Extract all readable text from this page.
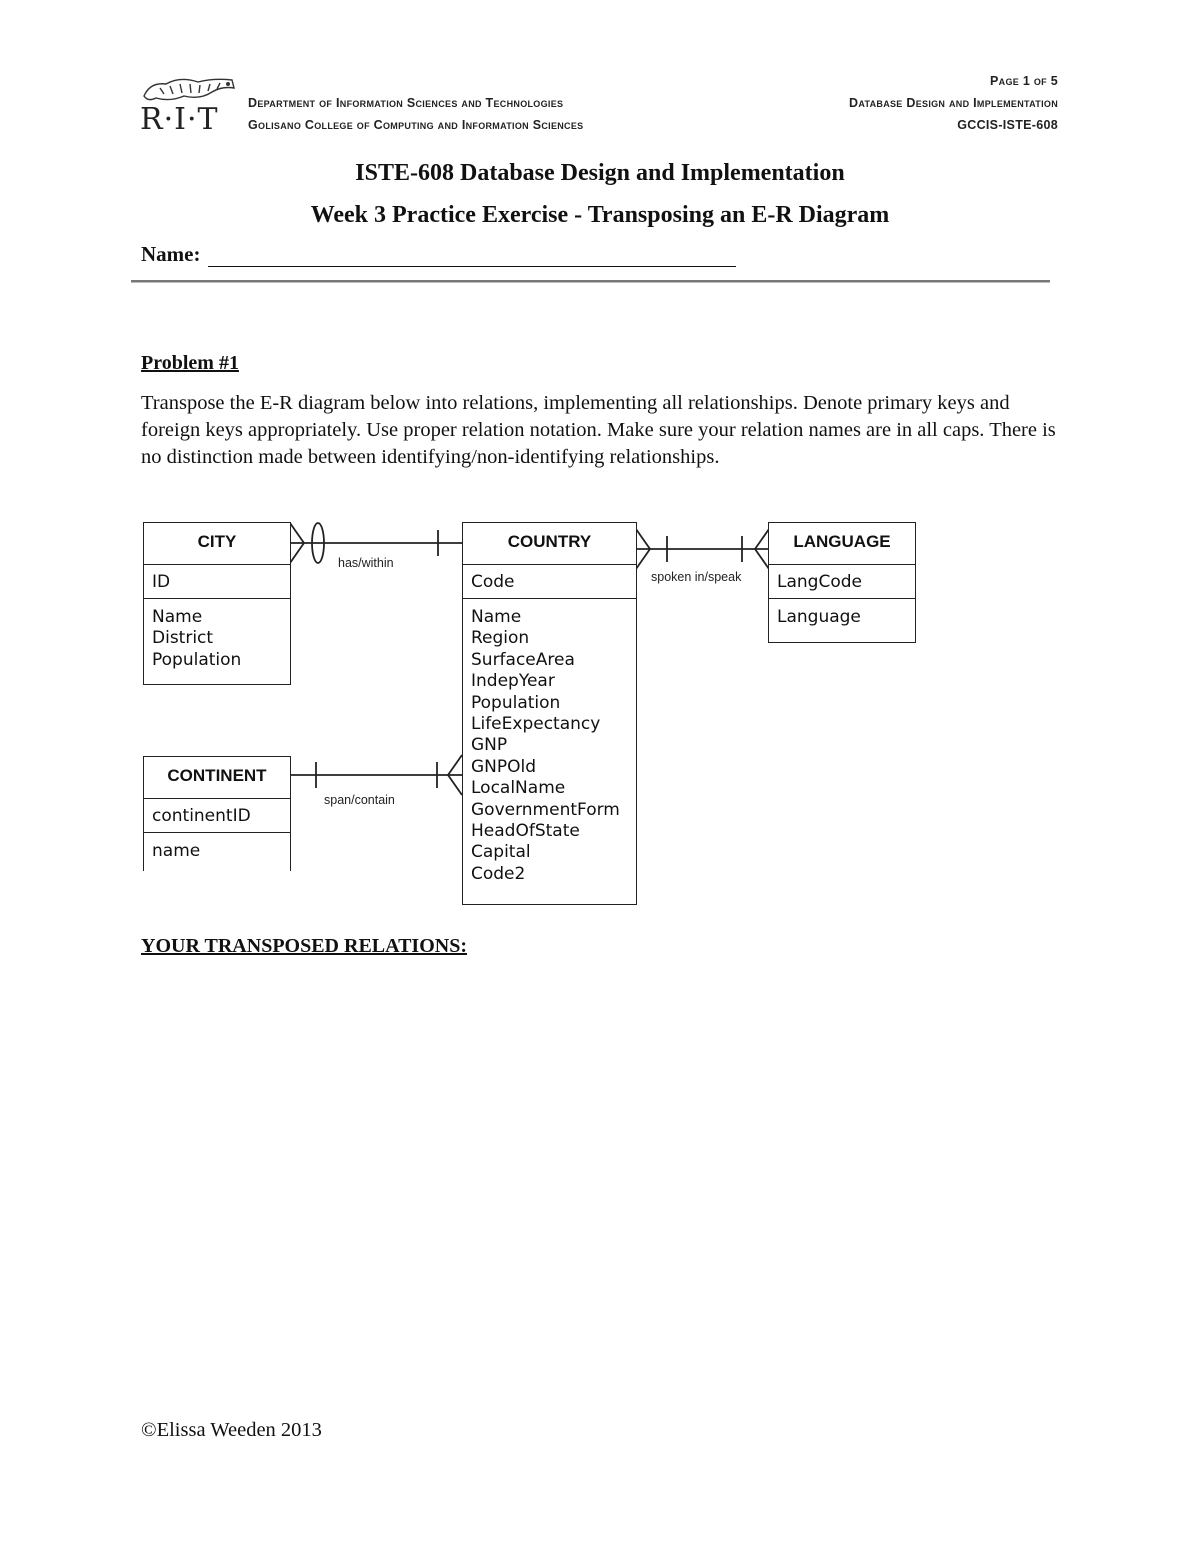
R·I·T	Department of Information Sciences and Technologies
Golisano College of Computing and Information Sciences
Page 1 of 5
Database Design and Implementation
GCCIS-ISTE-608
ISTE-608 Database Design and Implementation
Week 3 Practice Exercise - Transposing an E-R Diagram
Name:
Problem #1
Transpose the E-R diagram below into relations, implementing all relationships. Denote primary keys and foreign keys appropriately. Use proper relation notation. Make sure your relation names are in all caps. There is no distinction made between identifying/non-identifying relationships.
has/within
spoken in/speak
span/contain
CITY
ID
Name
District
Population
COUNTRY
Code
Name
Region
SurfaceArea
IndepYear
Population
LifeExpectancy
GNP
GNPOld
LocalName
GovernmentForm
HeadOfState
Capital
Code2
LANGUAGE
LangCode
Language
CONTINENT
continentID
name
YOUR TRANSPOSED RELATIONS:
©Elissa Weeden 2013
